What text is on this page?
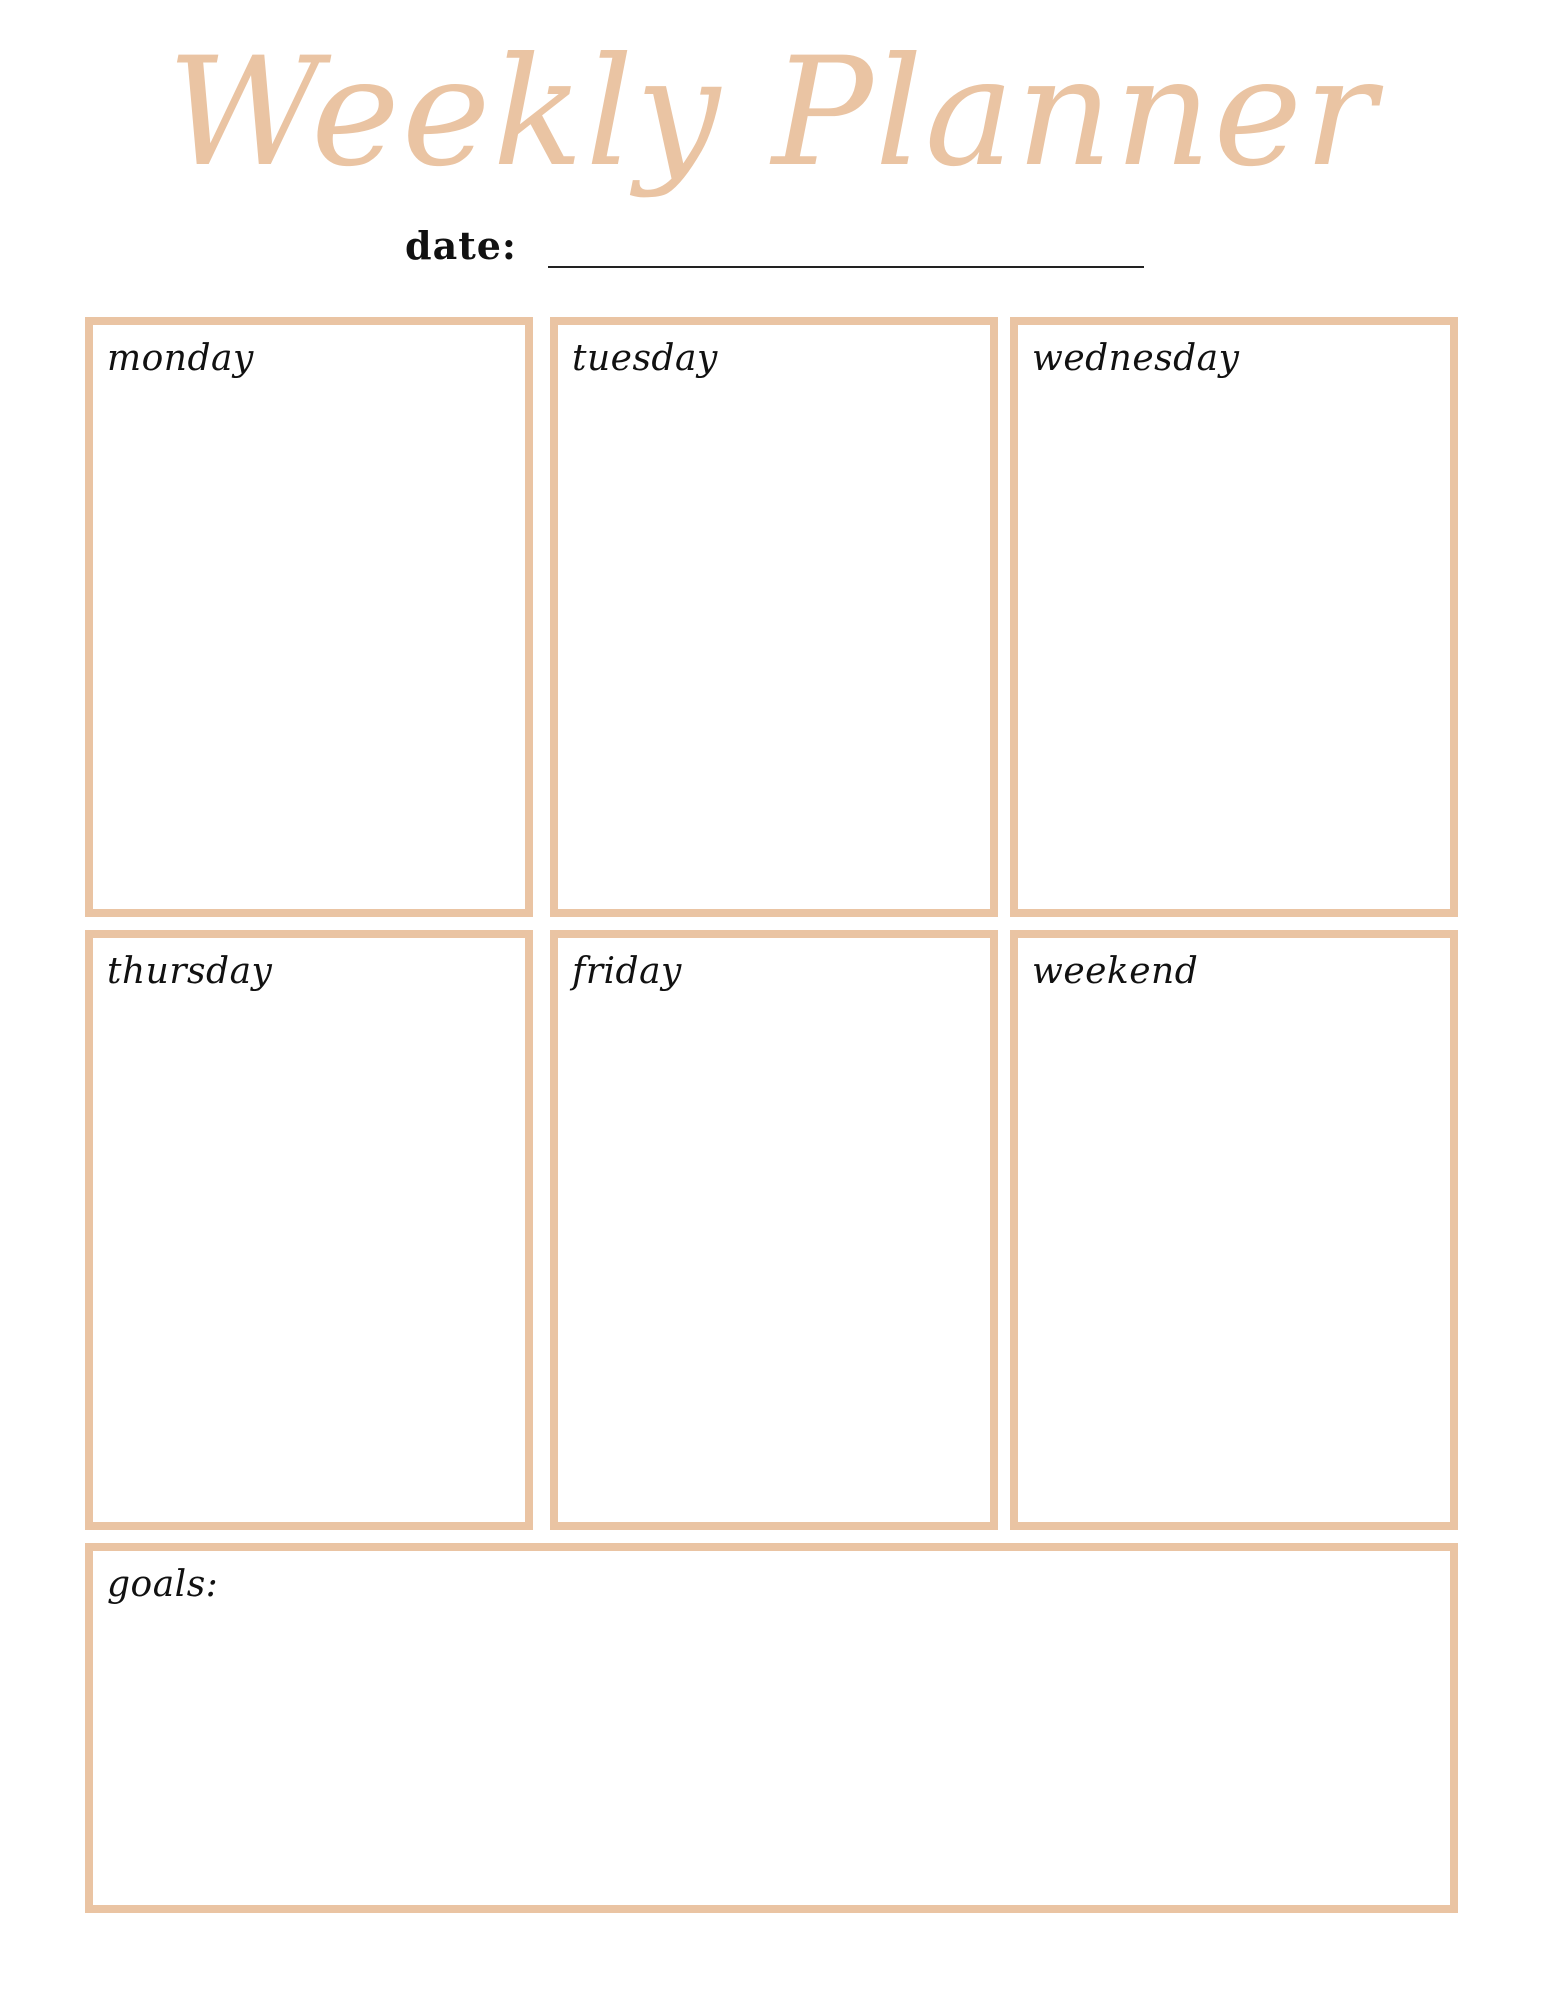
Weekly Planner
date:
monday	tuesday	wednesday
thursday	friday	weekend
goals:
